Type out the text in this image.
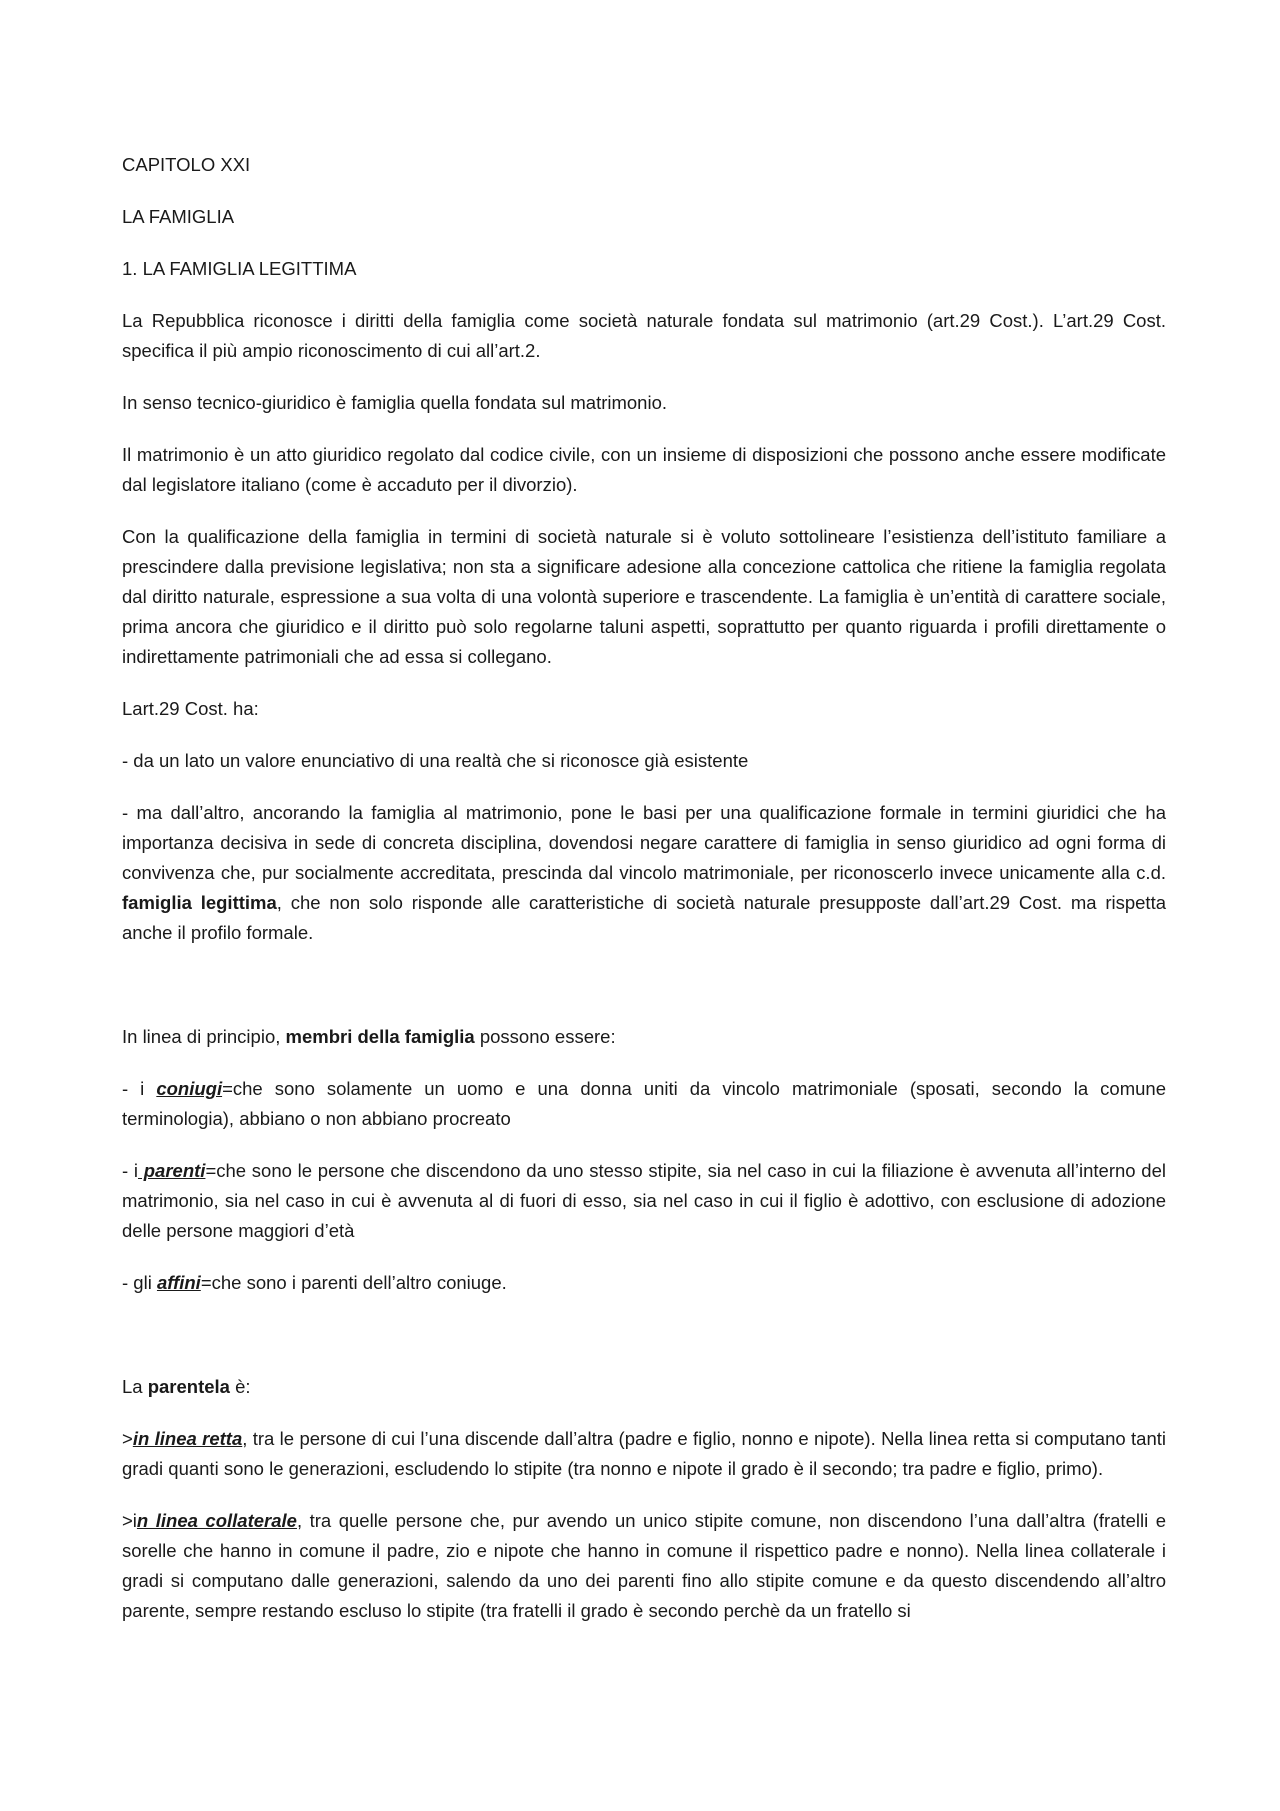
CAPITOLO XXI

LA FAMIGLIA

1. LA FAMIGLIA LEGITTIMA

La Repubblica riconosce i diritti della famiglia come società naturale fondata sul matrimonio (art.29 Cost.). L’art.29 Cost. specifica il più ampio riconoscimento di cui all’art.2.

In senso tecnico-giuridico è famiglia quella fondata sul matrimonio.

Il matrimonio è un atto giuridico regolato dal codice civile, con un insieme di disposizioni che possono anche essere modificate dal legislatore italiano (come è accaduto per il divorzio).

Con la qualificazione della famiglia in termini di società naturale si è voluto sottolineare l’esistienza dell’istituto familiare a prescindere dalla previsione legislativa; non sta a significare adesione alla concezione cattolica che ritiene la famiglia regolata dal diritto naturale, espressione a sua volta di una volontà superiore e trascendente. La famiglia è un’entità di carattere sociale, prima ancora che giuridico e il diritto può solo regolarne taluni aspetti, soprattutto per quanto riguarda i profili direttamente o indirettamente patrimoniali che ad essa si collegano.

Lart.29 Cost. ha:

- da un lato un valore enunciativo di una realtà che si riconosce già esistente

- ma dall’altro, ancorando la famiglia al matrimonio, pone le basi per una qualificazione formale in termini giuridici che ha importanza decisiva in sede di concreta disciplina, dovendosi negare carattere di famiglia in senso giuridico ad ogni forma di convivenza che, pur socialmente accreditata, prescinda dal vincolo matrimoniale, per riconoscerlo invece unicamente alla c.d. famiglia legittima, che non solo risponde alle caratteristiche di società naturale presupposte dall’art.29 Cost. ma rispetta anche il profilo formale.

In linea di principio, membri della famiglia possono essere:

- i coniugi=che sono solamente un uomo e una donna uniti da vincolo matrimoniale (sposati, secondo la comune terminologia), abbiano o non abbiano procreato

- i parenti=che sono le persone che discendono da uno stesso stipite, sia nel caso in cui la filiazione è avvenuta all’interno del matrimonio, sia nel caso in cui è avvenuta al di fuori di esso, sia nel caso in cui il figlio è adottivo, con esclusione di adozione delle persone maggiori d’età

- gli affini=che sono i parenti dell’altro coniuge.

La parentela è:

>in linea retta, tra le persone di cui l’una discende dall’altra (padre e figlio, nonno e nipote). Nella linea retta si computano tanti gradi quanti sono le generazioni, escludendo lo stipite (tra nonno e nipote il grado è il secondo; tra padre e figlio, primo).

>in linea collaterale, tra quelle persone che, pur avendo un unico stipite comune, non discendono l’una dall’altra (fratelli e sorelle che hanno in comune il padre, zio e nipote che hanno in comune il rispettico padre e nonno). Nella linea collaterale i gradi si computano dalle generazioni, salendo da uno dei parenti fino allo stipite comune e da questo discendendo all’altro parente, sempre restando escluso lo stipite (tra fratelli il grado è secondo perchè da un fratello si
